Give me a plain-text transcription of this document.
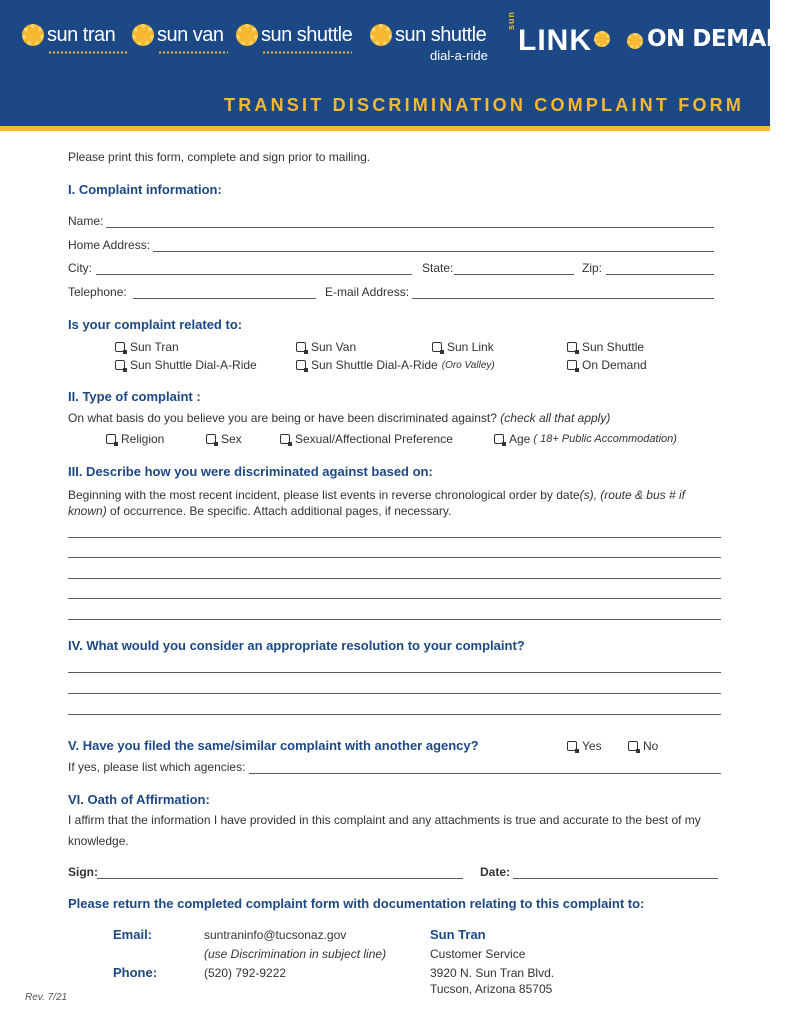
sun tran sun van sun shuttle sun shuttle
dial-a-ride
sun
LINK ON DEMAND
TRANSIT DISCRIMINATION COMPLAINT FORM
Please print this form, complete and sign prior to mailing.
I. Complaint information:
Name:
Home Address:
City:	State:	Zip:
Telephone:	E-mail Address:
Is your complaint related to:
Sun Tran	Sun Van	Sun Link	Sun Shuttle
Sun Shuttle Dial-A-Ride	Sun Shuttle Dial-A-Ride (Oro Valley)	On Demand
II. Type of complaint :
On what basis do you believe you are being or have been discriminated against? (check all that apply)
Religion	Sex	Sexual/Affectional Preference	Age ( 18+ Public Accommodation)
III. Describe how you were discriminated against based on:
Beginning with the most recent incident, please list events in reverse chronological order by date(s), (route & bus # if
known) of occurrence. Be specific. Attach additional pages, if necessary.
IV. What would you consider an appropriate resolution to your complaint?
V. Have you filed the same/similar complaint with another agency?	Yes	No
If yes, please list which agencies:
VI. Oath of Affirmation:
I affirm that the information I have provided in this complaint and any attachments is true and accurate to the best of my
knowledge.
Sign:	Date:
Please return the completed complaint form with documentation relating to this complaint to:
Email:	suntraninfo@tucsonaz.gov
(use Discrimination in subject line)
Phone:	(520) 792-9222
Sun Tran
Customer Service
3920 N. Sun Tran Blvd.
Tucson, Arizona 85705
Rev. 7/21
